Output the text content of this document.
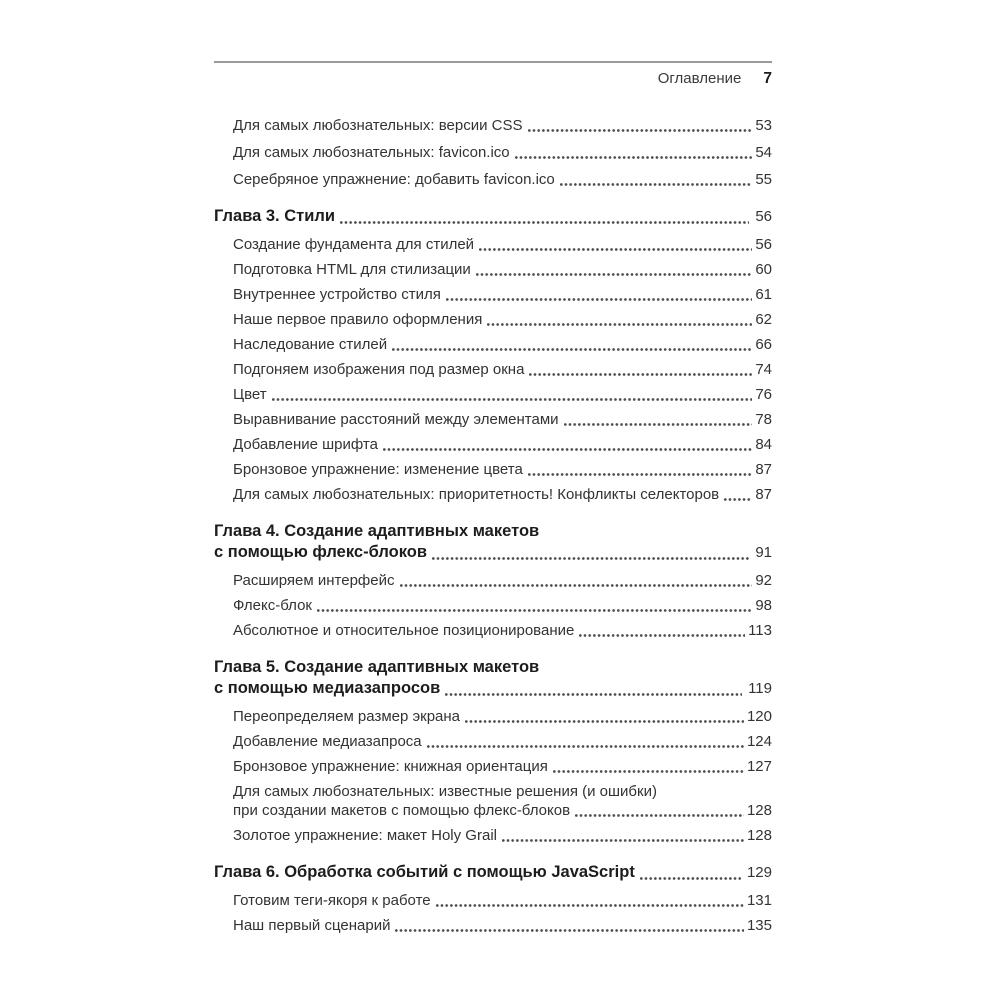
Оглавление 7
Для самых любознательных: версии CSS	53
Для самых любознательных: favicon.ico	54
Серебряное упражнение: добавить favicon.ico	55
Глава 3. Стили	56
Создание фундамента для стилей	56
Подготовка HTML для стилизации	60
Внутреннее устройство стиля	61
Наше первое правило оформления	62
Наследование стилей	66
Подгоняем изображения под размер окна	74
Цвет	76
Выравнивание расстояний между элементами	78
Добавление шрифта	84
Бронзовое упражнение: изменение цвета	87
Для самых любознательных: приоритетность! Конфликты селекторов 87
Глава 4. Создание адаптивных макетов
с помощью флекс-блоков	91
Расширяем интерфейс	92
Флекс-блок	98
Абсолютное и относительное позиционирование	113
Глава 5. Создание адаптивных макетов
с помощью медиазапросов	119
Переопределяем размер экрана	120
Добавление медиазапроса	124
Бронзовое упражнение: книжная ориентация	127
Для самых любознательных: известные решения (и ошибки)
при создании макетов с помощью флекс-блоков	128
Золотое упражнение: макет Holy Grail	128
Глава 6. Обработка событий с помощью JavaScript	129
Готовим теги-якоря к работе	131
Наш первый сценарий	135
